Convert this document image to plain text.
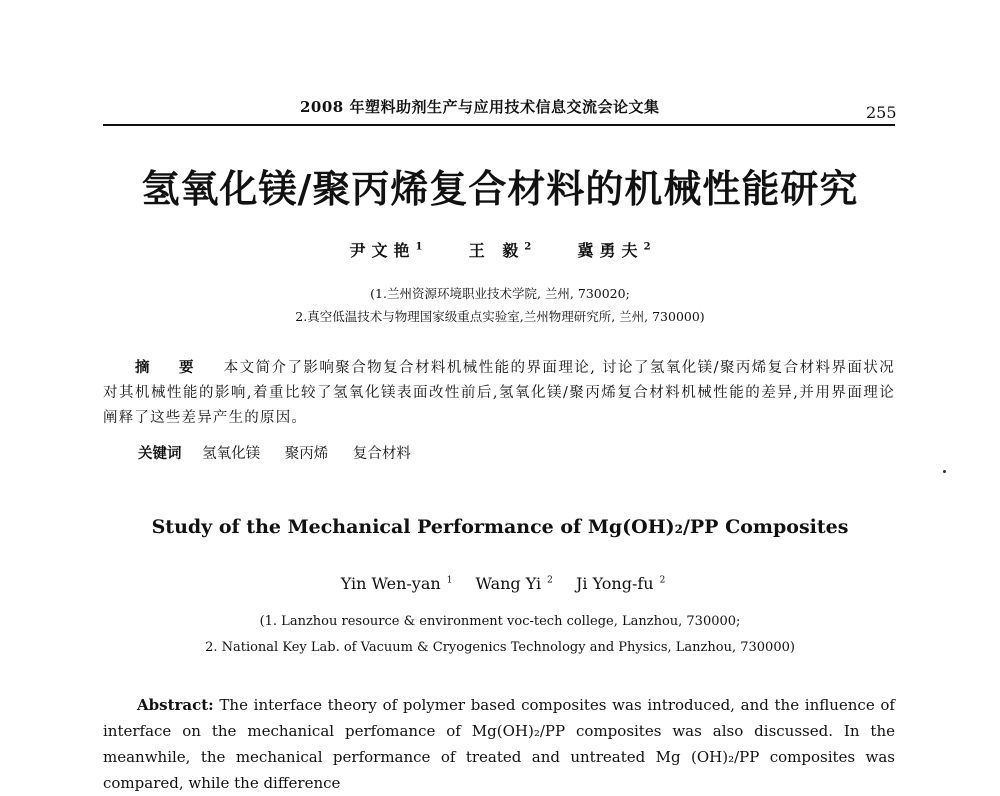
2008 年塑料助剂生产与应用技术信息交流会论文集	255
氢氧化镁/聚丙烯复合材料的机械性能研究
尹文艳$^1$	王 毅$^2$	冀勇夫$^2$
(1.兰州资源环境职业技术学院, 兰州, 730020;
2.真空低温技术与物理国家级重点实验室,兰州物理研究所, 兰州, 730000)
摘 要 本文简介了影响聚合物复合材料机械性能的界面理论, 讨论了氢氧化镁/聚丙烯复合材料界面状况对其机械性能的影响,着重比较了氢氧化镁表面改性前后,氢氧化镁/聚丙烯复合材料机械性能的差异,并用界面理论阐释了这些差异产生的原因。
关键词 氢氧化镁 聚丙烯 复合材料
Study of the Mechanical Performance of Mg(OH)₂/PP Composites
Yin Wen-yan $^1$ Wang Yi $^2$ Ji Yong-fu $^2$
(1. Lanzhou resource & environment voc-tech college, Lanzhou, 730000;
2. National Key Lab. of Vacuum & Cryogenics Technology and Physics, Lanzhou, 730000)
Abstract: The interface theory of polymer based composites was introduced, and the influence of interface on the mechanical perfomance of Mg(OH)₂/PP composites was also discussed. In the meanwhile, the mechanical performance of treated and untreated Mg (OH)₂/PP composites was compared, while the difference
